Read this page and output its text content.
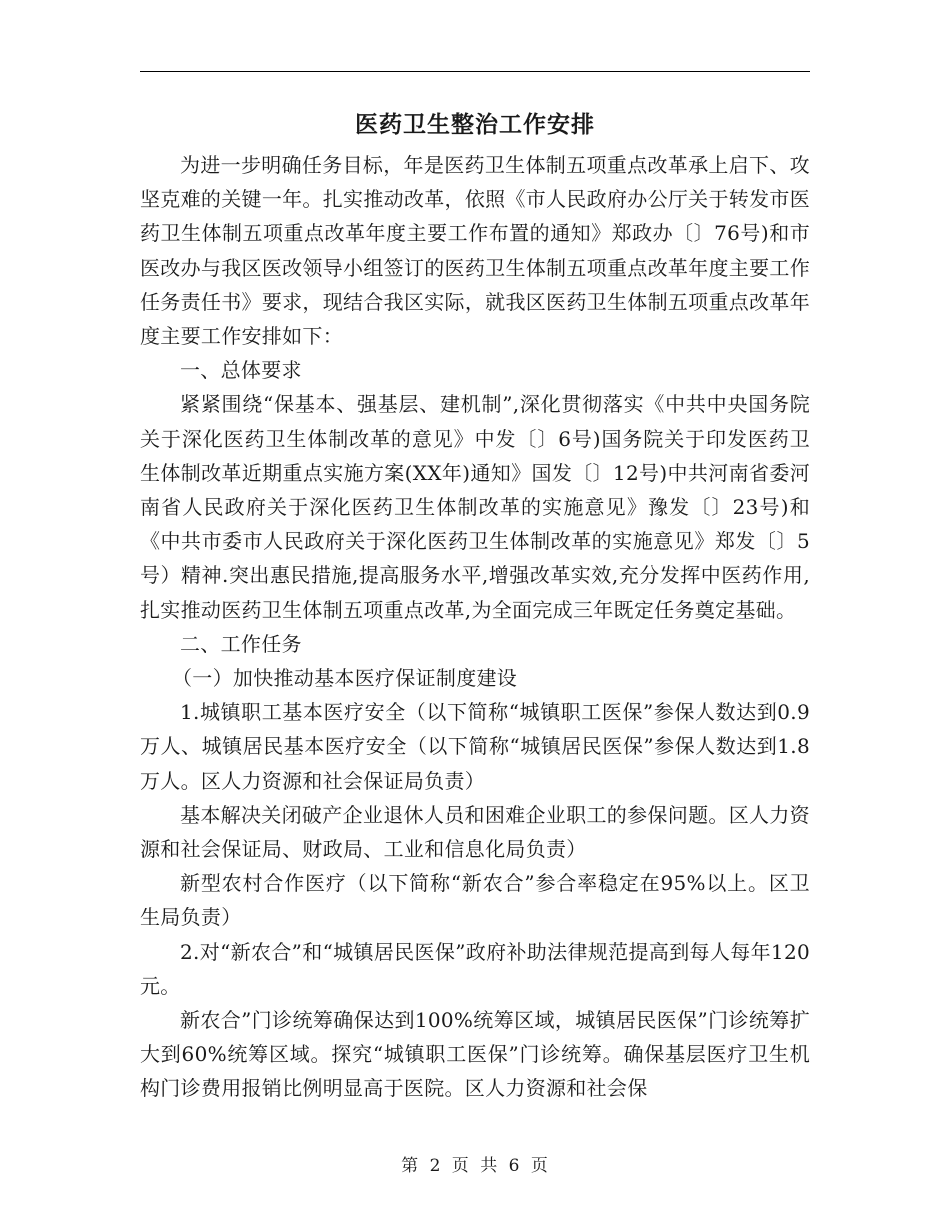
医药卫生整治工作安排

为进一步明确任务目标，年是医药卫生体制五项重点改革承上启下、攻坚克难的关键一年。扎实推动改革，依照《市人民政府办公厅关于转发市医药卫生体制五项重点改革年度主要工作布置的通知》郑政办〔〕76号)和市医改办与我区医改领导小组签订的医药卫生体制五项重点改革年度主要工作任务责任书》要求，现结合我区实际，就我区医药卫生体制五项重点改革年度主要工作安排如下：

一、总体要求

紧紧围绕“保基本、强基层、建机制”,深化贯彻落实《中共中央国务院关于深化医药卫生体制改革的意见》中发〔〕6号)国务院关于印发医药卫生体制改革近期重点实施方案(XX年)通知》国发〔〕12号)中共河南省委河南省人民政府关于深化医药卫生体制改革的实施意见》豫发〔〕23号)和《中共市委市人民政府关于深化医药卫生体制改革的实施意见》郑发〔〕5号）精神.突出惠民措施,提高服务水平,增强改革实效,充分发挥中医药作用,扎实推动医药卫生体制五项重点改革,为全面完成三年既定任务奠定基础。

二、工作任务

（一）加快推动基本医疗保证制度建设

1.城镇职工基本医疗安全（以下简称“城镇职工医保”参保人数达到0.9万人、城镇居民基本医疗安全（以下简称“城镇居民医保”参保人数达到1.8万人。区人力资源和社会保证局负责）

基本解决关闭破产企业退休人员和困难企业职工的参保问题。区人力资源和社会保证局、财政局、工业和信息化局负责）

新型农村合作医疗（以下简称“新农合”参合率稳定在95%以上。区卫生局负责）

2.对“新农合”和“城镇居民医保”政府补助法律规范提高到每人每年120元。

新农合”门诊统筹确保达到100%统筹区域，城镇居民医保”门诊统筹扩大到60%统筹区域。探究“城镇职工医保”门诊统筹。确保基层医疗卫生机构门诊费用报销比例明显高于医院。区人力资源和社会保

第 2 页 共 6 页
